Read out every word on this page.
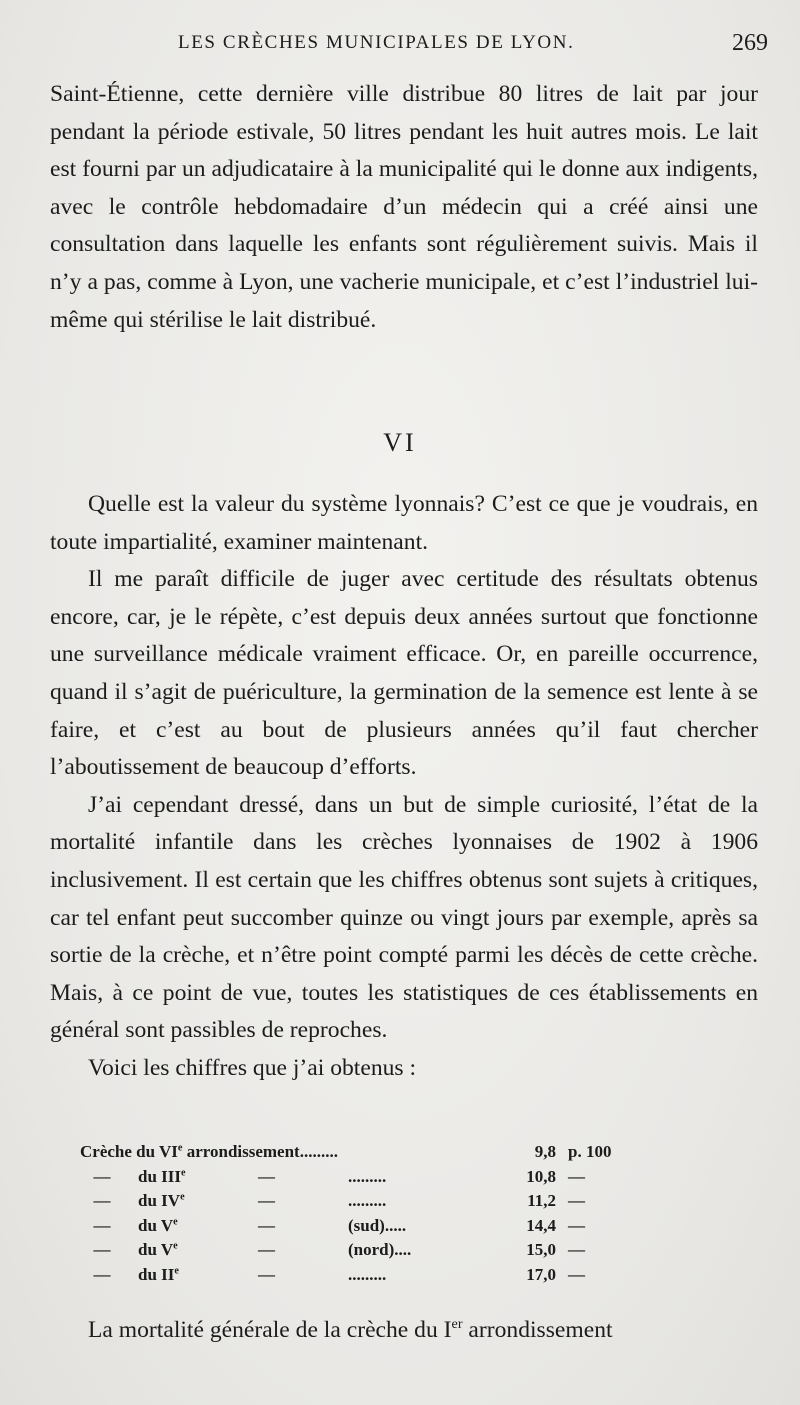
LES CRÈCHES MUNICIPALES DE LYON.	269

Saint-Étienne, cette dernière ville distribue 80 litres de lait par jour pendant la période estivale, 50 litres pendant les huit autres mois. Le lait est fourni par un adjudicataire à la municipalité qui le donne aux indigents, avec le contrôle hebdomadaire d’un médecin qui a créé ainsi une consultation dans laquelle les enfants sont régulièrement suivis. Mais il n’y a pas, comme à Lyon, une vacherie municipale, et c’est l’industriel lui-même qui stérilise le lait distribué.

VI

Quelle est la valeur du système lyonnais? C’est ce que je voudrais, en toute impartialité, examiner maintenant.

Il me paraît difficile de juger avec certitude des résultats obtenus encore, car, je le répète, c’est depuis deux années surtout que fonctionne une surveillance médicale vraiment efficace. Or, en pareille occurrence, quand il s’agit de puériculture, la germination de la semence est lente à se faire, et c’est au bout de plusieurs années qu’il faut chercher l’aboutissement de beaucoup d’efforts.

J’ai cependant dressé, dans un but de simple curiosité, l’état de la mortalité infantile dans les crèches lyonnaises de 1902 à 1906 inclusivement. Il est certain que les chiffres obtenus sont sujets à critiques, car tel enfant peut succomber quinze ou vingt jours par exemple, après sa sortie de la crèche, et n’être point compté parmi les décès de cette crèche. Mais, à ce point de vue, toutes les statistiques de ces établissements en général sont passibles de reproches.

Voici les chiffres que j’ai obtenus :

Crèche du VIe arrondissement.........	9,8 p. 100
—	du IIIe	—	.........	10,8 —
—	du IVe	—	.........	11,2 —
—	du Ve	—	(sud).....	14,4 —
—	du Ve	—	(nord)....	15,0 —
—	du IIe	—	.........	17,0 —
La mortalité générale de la crèche du Ier arrondissement
